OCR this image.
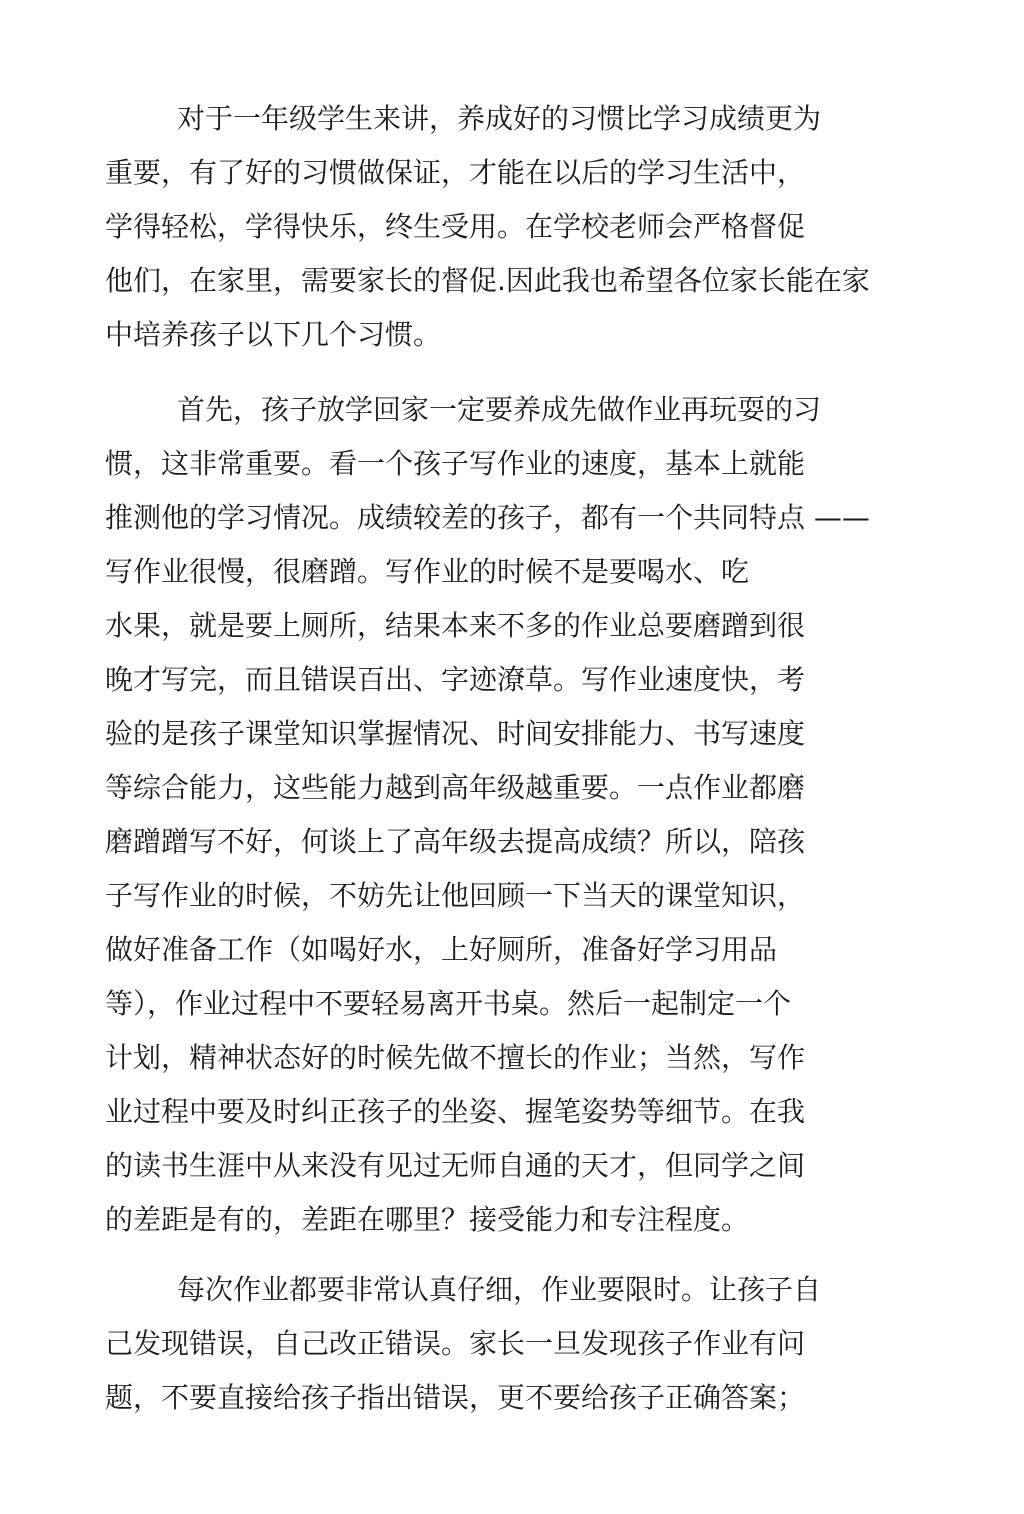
对于一年级学生来讲，养成好的习惯比学习成绩更为
重要，有了好的习惯做保证，才能在以后的学习生活中，
学得轻松，学得快乐，终生受用。在学校老师会严格督促
他们，在家里，需要家长的督促.因此我也希望各位家长能在家
中培养孩子以下几个习惯。
首先，孩子放学回家一定要养成先做作业再玩耍的习
惯，这非常重要。看一个孩子写作业的速度，基本上就能
推测他的学习情况。成绩较差的孩子，都有一个共同特点 ——
写作业很慢，很磨蹭。写作业的时候不是要喝水、吃
水果，就是要上厕所，结果本来不多的作业总要磨蹭到很
晚才写完，而且错误百出、字迹潦草。写作业速度快，考
验的是孩子课堂知识掌握情况、时间安排能力、书写速度
等综合能力，这些能力越到高年级越重要。一点作业都磨
磨蹭蹭写不好，何谈上了高年级去提高成绩？所以，陪孩
子写作业的时候，不妨先让他回顾一下当天的课堂知识，
做好准备工作（如喝好水，上好厕所，准备好学习用品
等），作业过程中不要轻易离开书桌。然后一起制定一个
计划，精神状态好的时候先做不擅长的作业；当然，写作
业过程中要及时纠正孩子的坐姿、握笔姿势等细节。在我
的读书生涯中从来没有见过无师自通的天才，但同学之间
的差距是有的，差距在哪里？接受能力和专注程度。
每次作业都要非常认真仔细，作业要限时。让孩子自
己发现错误，自己改正错误。家长一旦发现孩子作业有问
题，不要直接给孩子指出错误，更不要给孩子正确答案；
